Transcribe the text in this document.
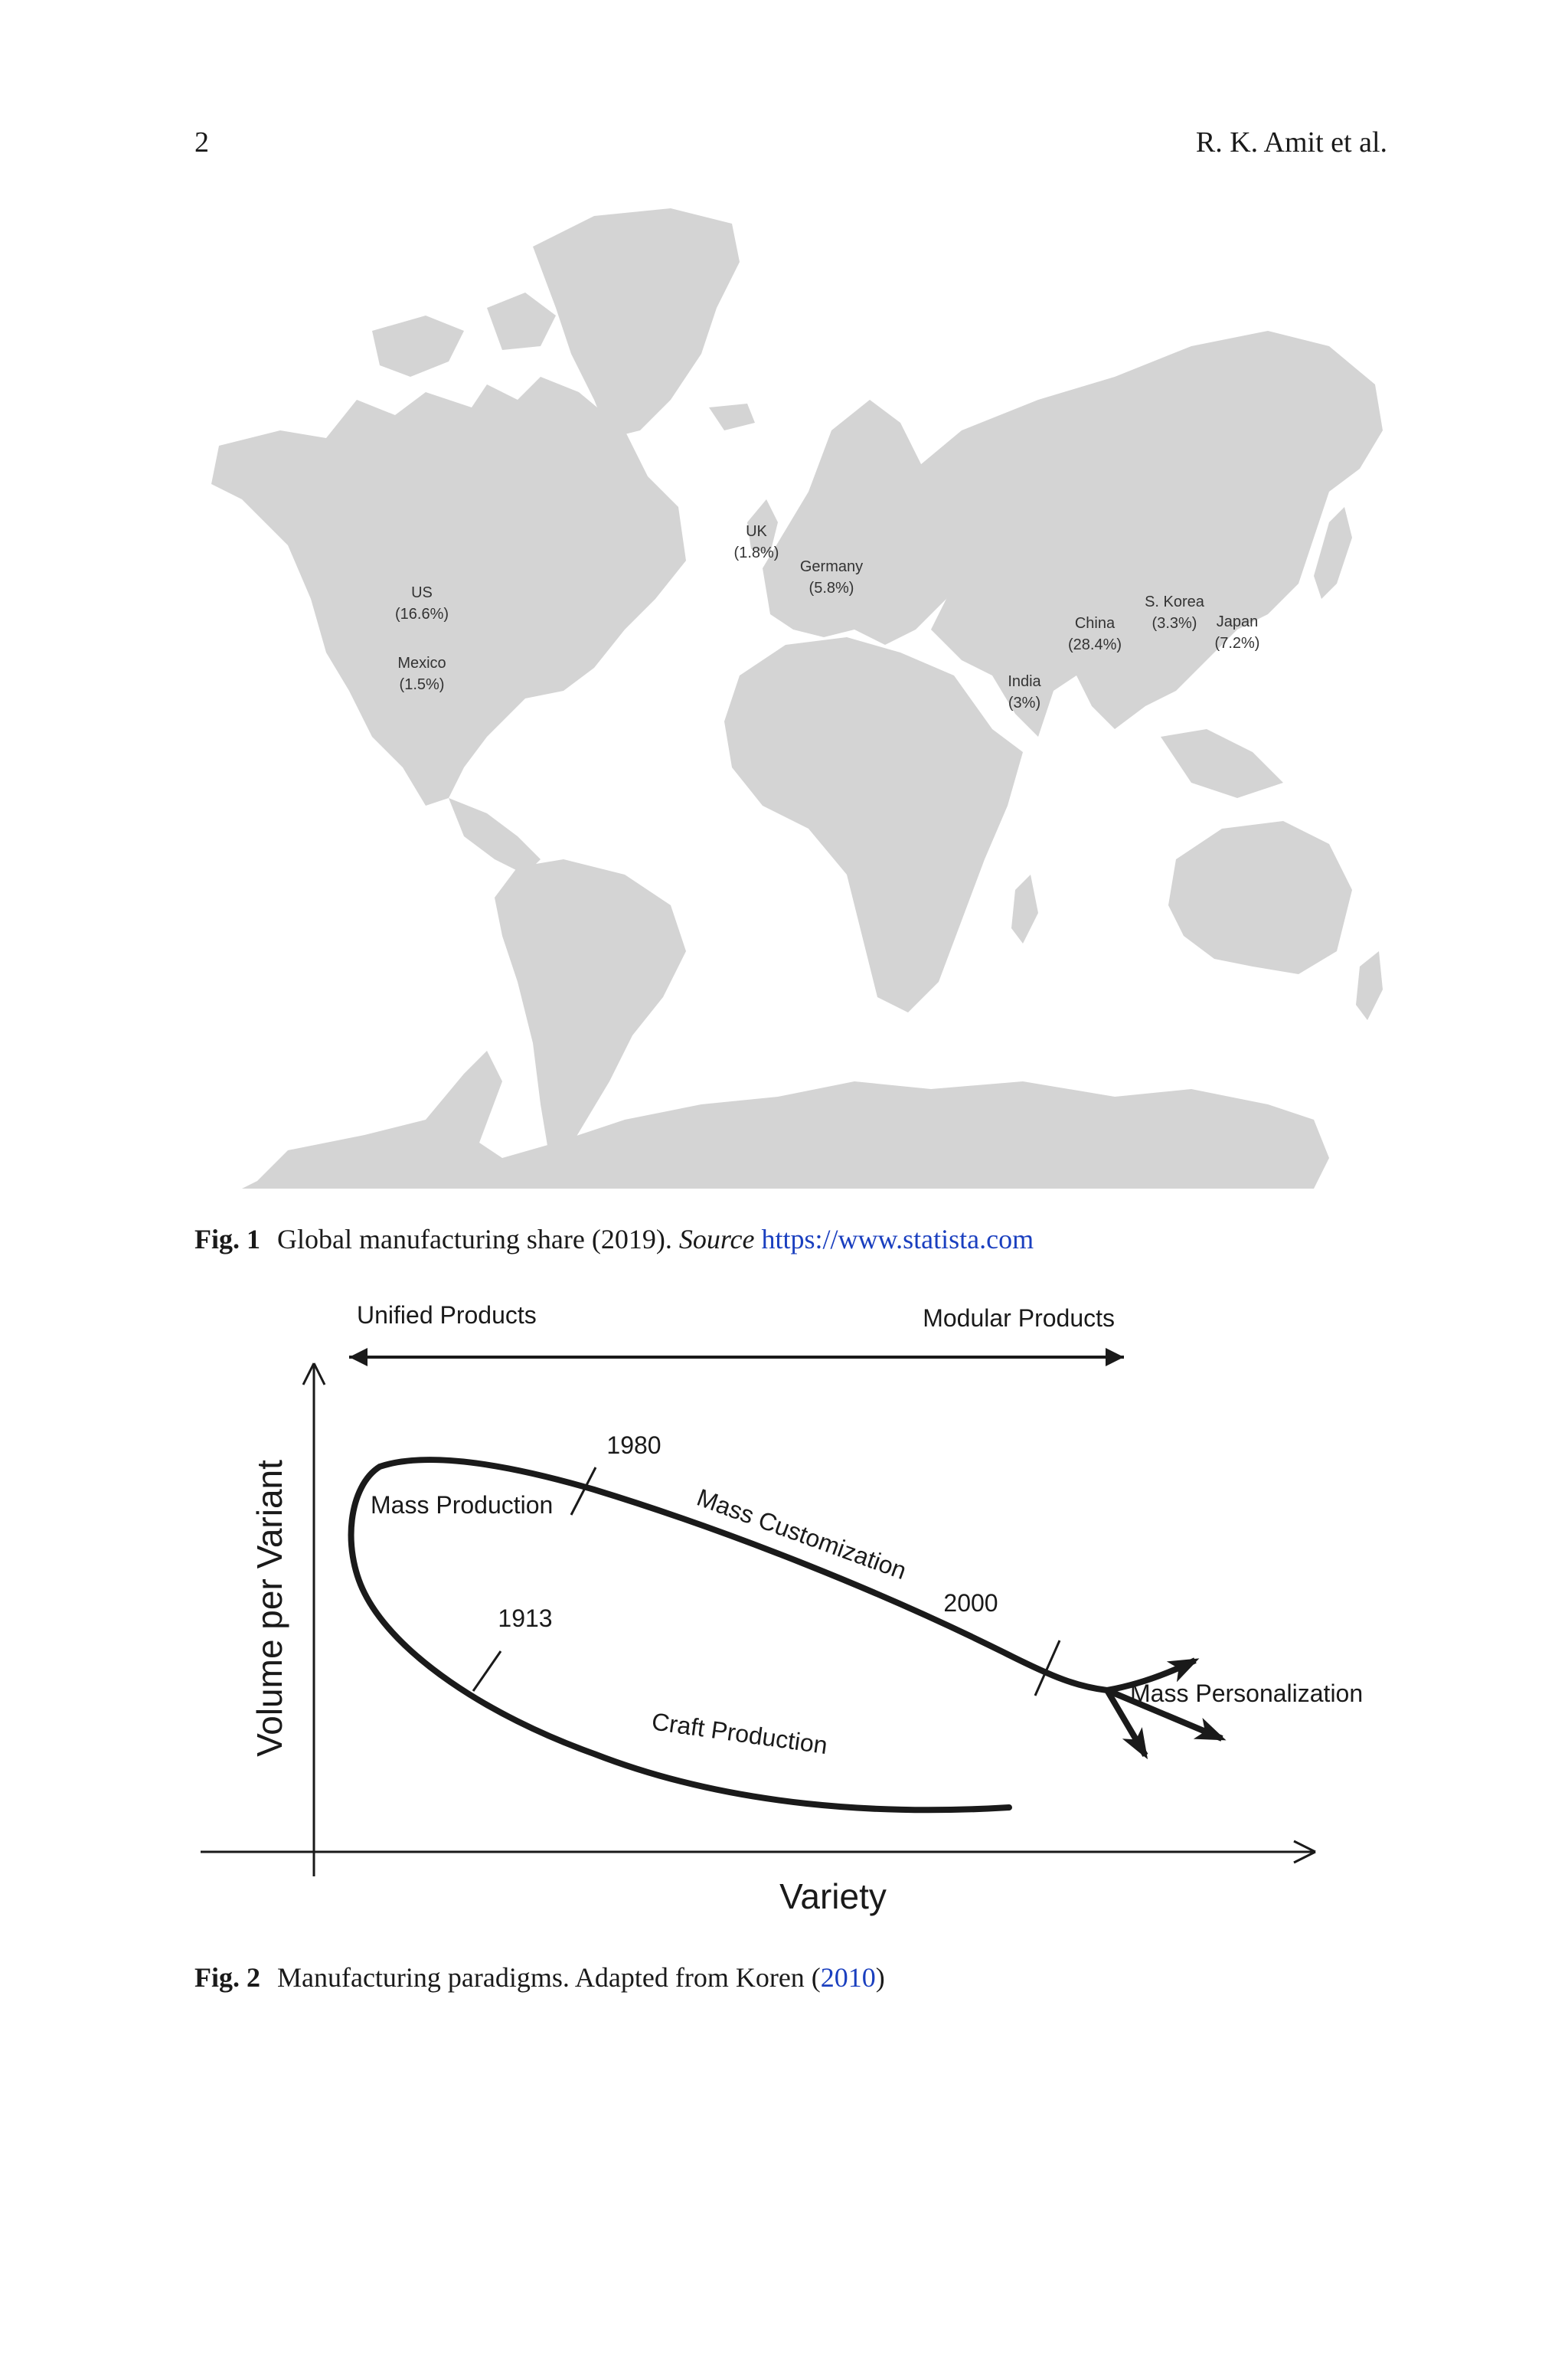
2	R. K. Amit et al.
US
(16.6%)
Mexico
(1.5%)
UK
(1.8%)
Germany
(5.8%)
China
(28.4%)
S. Korea
(3.3%) Japan
(7.2%)
India
(3%)
Fig. 1 Global manufacturing share (2019). Source https://www.statista.com
Unified Products	Modular Products
Volume per Variant
Variety
1980
2000
1913
Mass Production	Mass Customization
Craft Production
Mass Personalization
Fig. 2 Manufacturing paradigms. Adapted from Koren (2010)
